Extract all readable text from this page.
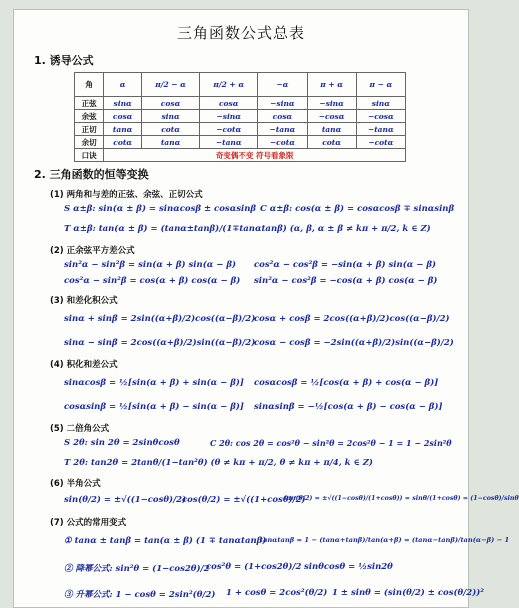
三角函数公式总表
1. 诱导公式
角	α	π/2 − α	π/2 + α	−α	π + α	π − α
正弦	sinα	cosα	cosα	−sinα	−sinα	sinα
余弦	cosα	sinα	−sinα	cosα	−cosα	−cosα
正切	tanα	cotα	−cotα	−tanα	tanα	−tanα
余切	cotα	tanα	−tanα	−cotα	cotα	−cotα
口诀	奇变偶不变 符号看象限					
2. 三角函数的恒等变换
(1) 两角和与差的正弦、余弦、正切公式
S α±β: sin(α ± β) = sinαcosβ ± cosαsinβ C α±β: cos(α ± β) = cosαcosβ ∓ sinαsinβ
T α±β: tan(α ± β) = (tanα±tanβ)/(1∓tanαtanβ) (α, β, α ± β ≠ kπ + π/2, k ∈ Z)
(2) 正余弦平方差公式
sin²α − sin²β = sin(α + β) sin(α − β) cos²α − cos²β = −sin(α + β) sin(α − β)
cos²α − sin²β = cos(α + β) cos(α − β) sin²α − cos²β = −cos(α + β) cos(α − β)
(3) 和差化积公式
sinα + sinβ = 2sin((α+β)/2)cos((α−β)/2)
cosα + cosβ = 2cos((α+β)/2)cos((α−β)/2)
sinα − sinβ = 2cos((α+β)/2)sin((α−β)/2)
cosα − cosβ = −2sin((α+β)/2)sin((α−β)/2)
(4) 积化和差公式
sinαcosβ = ½[sin(α + β) + sin(α − β)] cosαcosβ = ½[cos(α + β) + cos(α − β)]
cosαsinβ = ½[sin(α + β) − sin(α − β)] sinαsinβ = −½[cos(α + β) − cos(α − β)]
(5) 二倍角公式
S 2θ: sin 2θ = 2sinθcosθ	C 2θ: cos 2θ = cos²θ − sin²θ = 2cos²θ − 1 = 1 − 2sin²θ
T 2θ: tan2θ = 2tanθ/(1−tan²θ) (θ ≠ kπ + π/2, θ ≠ kπ + π/4, k ∈ Z)
(6) 半角公式
sin(θ/2) = ±√((1−cosθ)/2)
cos(θ/2) = ±√((1+cosθ)/2)
tan(θ/2) = ±√((1−cosθ)/(1+cosθ)) = sinθ/(1+cosθ) = (1−cosθ)/sinθ
(7) 公式的常用变式
① tanα ± tanβ = tan(α ± β) (1 ∓ tanαtanβ)
tanαtanβ = 1 − (tanα+tanβ)/tan(α+β) = (tanα−tanβ)/tan(α−β) − 1
② 降幂公式: sin²θ = (1−cos2θ)/2
cos²θ = (1+cos2θ)/2 sinθcosθ = ½sin2θ
③ 升幂公式: 1 − cosθ = 2sin²(θ/2) 1 + cosθ = 2cos²(θ/2) 1 ± sinθ = (sin(θ/2) ± cos(θ/2))²
